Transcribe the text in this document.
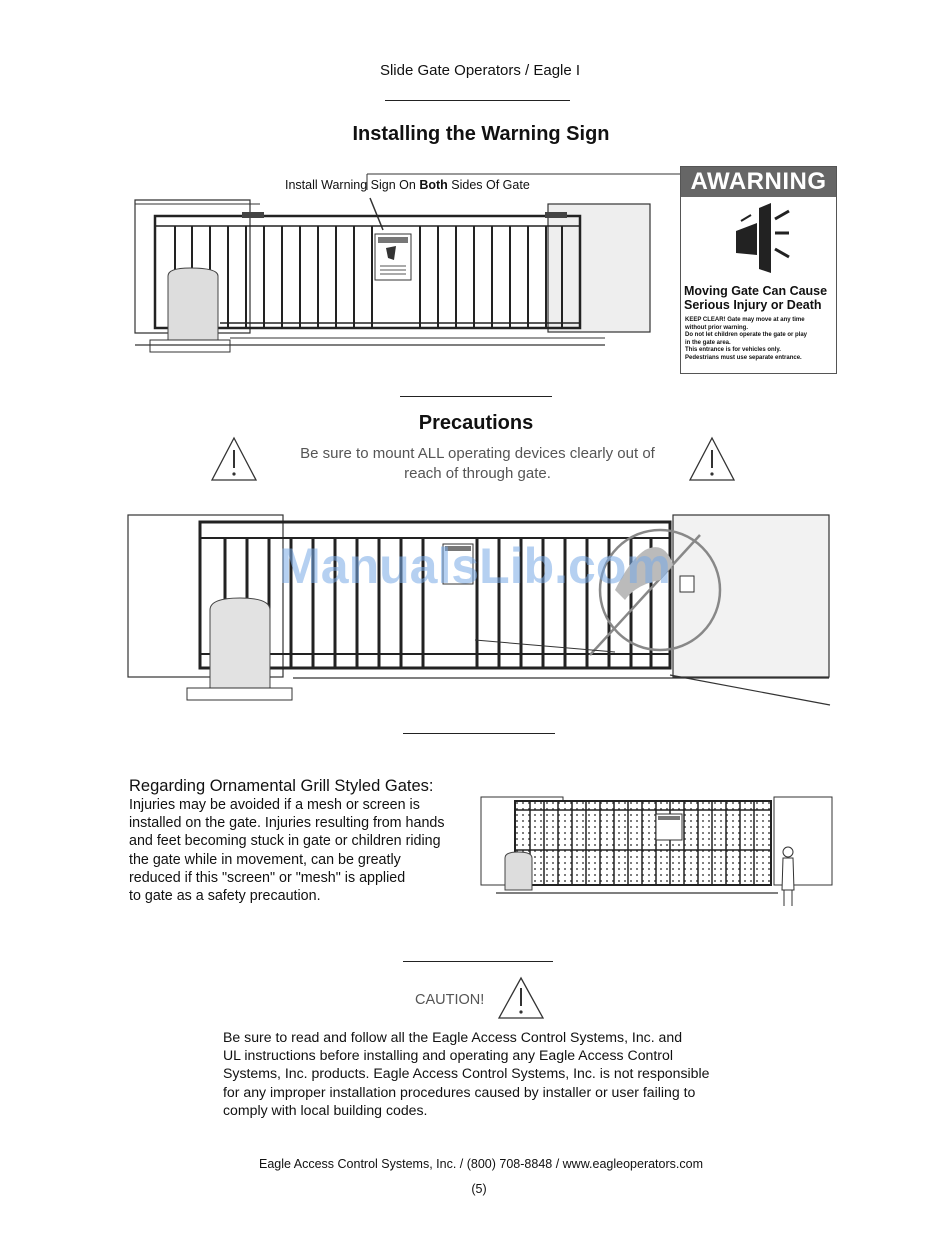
Slide Gate Operators / Eagle I
Installing the Warning Sign
Install Warning Sign On Both Sides Of Gate	AWARNING
Moving Gate Can Cause
Serious Injury or Death
KEEP CLEAR! Gate may move at any time
without prior warning.
Do not let children operate the gate or play
in the gate area.
This entrance is for vehicles only.
Pedestrians must use separate entrance.
Precautions
Be sure to mount ALL operating devices clearly out of
reach of through gate.
ManualsLib.com
Regarding Ornamental Grill Styled Gates:
Injuries may be avoided if a mesh or screen is
installed on the gate. Injuries resulting from hands
and feet becoming stuck in gate or children riding
the gate while in movement, can be greatly
reduced if this "screen" or "mesh" is applied
to gate as a safety precaution.
CAUTION!
Be sure to read and follow all the Eagle Access Control Systems, Inc. and
UL instructions before installing and operating any Eagle Access Control
Systems, Inc. products. Eagle Access Control Systems, Inc. is not responsible
for any improper installation procedures caused by installer or user failing to
comply with local building codes.
Eagle Access Control Systems, Inc. / (800) 708-8848 / www.eagleoperators.com
(5)
